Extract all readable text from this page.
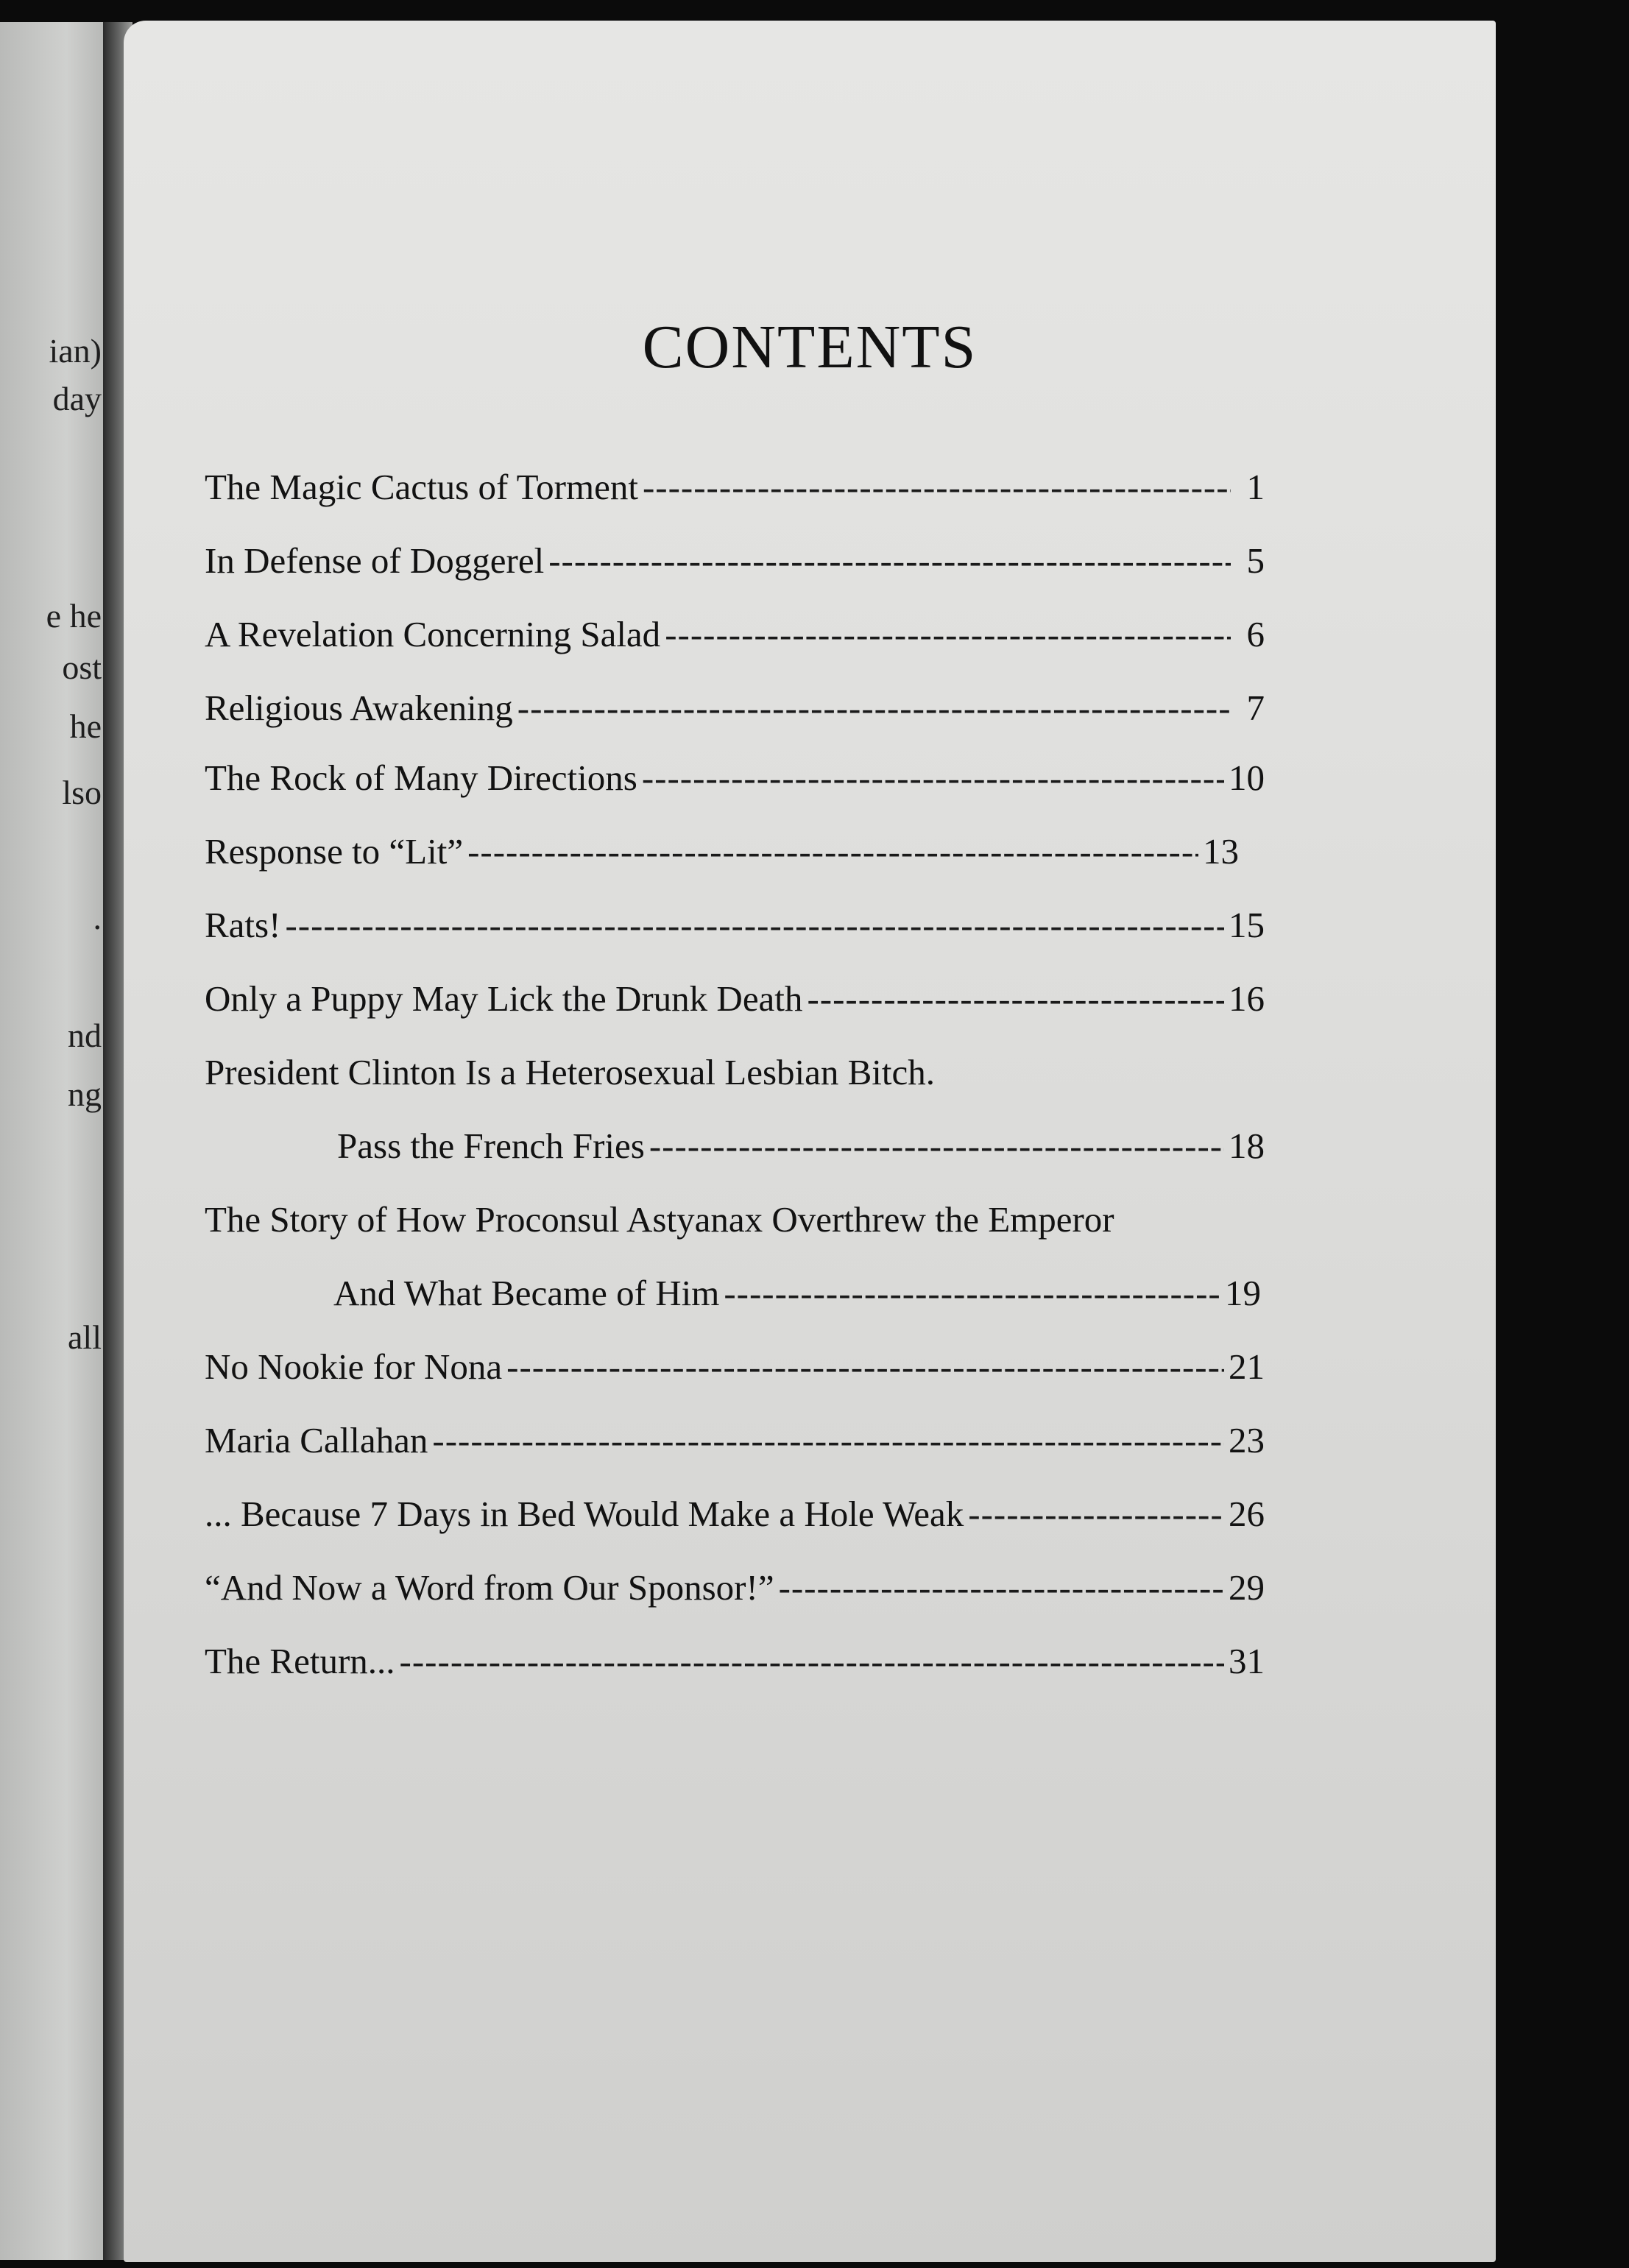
ian)
day
e he
ost
he
lso
.
nd
ng
all
CONTENTS
The Magic Cactus of Torment -----	1
In Defense of Doggerel -----	5
A Revelation Concerning Salad -----	6
Religious Awakening -----	7
The Rock of Many Directions -----	10
Response to “Lit” -----	13
Rats! -----	15
Only a Puppy May Lick the Drunk Death -----	16
President Clinton Is a Heterosexual Lesbian Bitch.
Pass the French Fries -----	18
The Story of How Proconsul Astyanax Overthrew the Emperor
And What Became of Him -----	19
No Nookie for Nona -----	21
Maria Callahan -----	23
... Because 7 Days in Bed Would Make a Hole Weak -----	26
“And Now a Word from Our Sponsor!” -----	29
The Return... -----	31
